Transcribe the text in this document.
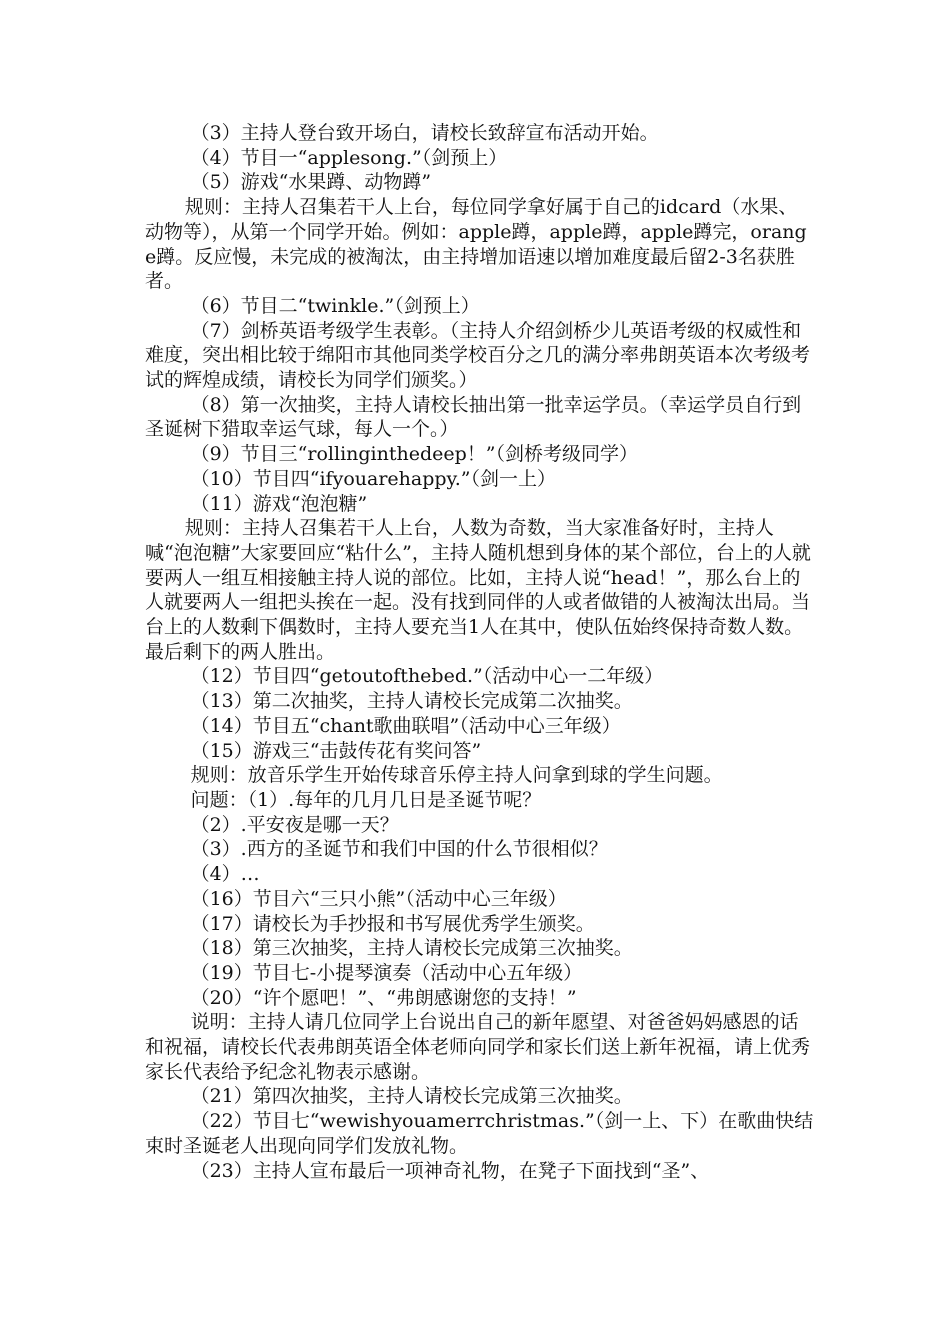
（3）主持人登台致开场白，请校长致辞宣布活动开始。

（4）节目一“applesong.”（剑预上）

（5）游戏“水果蹲、动物蹲”

规则：主持人召集若干人上台，每位同学拿好属于自己的idcard（水果、动物等），从第一个同学开始。例如：apple蹲，apple蹲，apple蹲完，orange蹲。反应慢，未完成的被淘汰，由主持增加语速以增加难度最后留2-3名获胜者。

（6）节目二“twinkle.”（剑预上）

（7）剑桥英语考级学生表彰。（主持人介绍剑桥少儿英语考级的权威性和难度，突出相比较于绵阳市其他同类学校百分之几的满分率弗朗英语本次考级考试的辉煌成绩，请校长为同学们颁奖。）

（8）第一次抽奖，主持人请校长抽出第一批幸运学员。（幸运学员自行到圣诞树下猎取幸运气球，每人一个。）

（9）节目三“rollinginthedeep！”（剑桥考级同学）

（10）节目四“ifyouarehappy.”（剑一上）

（11）游戏“泡泡糖”

规则：主持人召集若干人上台，人数为奇数，当大家准备好时，主持人喊“泡泡糖”大家要回应“粘什么”，主持人随机想到身体的某个部位，台上的人就要两人一组互相接触主持人说的部位。比如，主持人说“head！”，那么台上的人就要两人一组把头挨在一起。没有找到同伴的人或者做错的人被淘汰出局。当台上的人数剩下偶数时，主持人要充当1人在其中，使队伍始终保持奇数人数。最后剩下的两人胜出。

（12）节目四“getoutofthebed.”（活动中心一二年级）

（13）第二次抽奖，主持人请校长完成第二次抽奖。

（14）节目五“chant歌曲联唱”（活动中心三年级）

（15）游戏三“击鼓传花有奖问答”

规则：放音乐学生开始传球音乐停主持人问拿到球的学生问题。

问题：（1）.每年的几月几日是圣诞节呢？

（2）.平安夜是哪一天？

（3）.西方的圣诞节和我们中国的什么节很相似？

（4）…

（16）节目六“三只小熊”（活动中心三年级）

（17）请校长为手抄报和书写展优秀学生颁奖。

（18）第三次抽奖，主持人请校长完成第三次抽奖。

（19）节目七-小提琴演奏（活动中心五年级）

（20）“许个愿吧！”、“弗朗感谢您的支持！”

说明：主持人请几位同学上台说出自己的新年愿望、对爸爸妈妈感恩的话和祝福，请校长代表弗朗英语全体老师向同学和家长们送上新年祝福，请上优秀家长代表给予纪念礼物表示感谢。

（21）第四次抽奖，主持人请校长完成第三次抽奖。

（22）节目七“wewishyouamerrchristmas.”（剑一上、下）在歌曲快结束时圣诞老人出现向同学们发放礼物。

（23）主持人宣布最后一项神奇礼物，在凳子下面找到“圣”、
